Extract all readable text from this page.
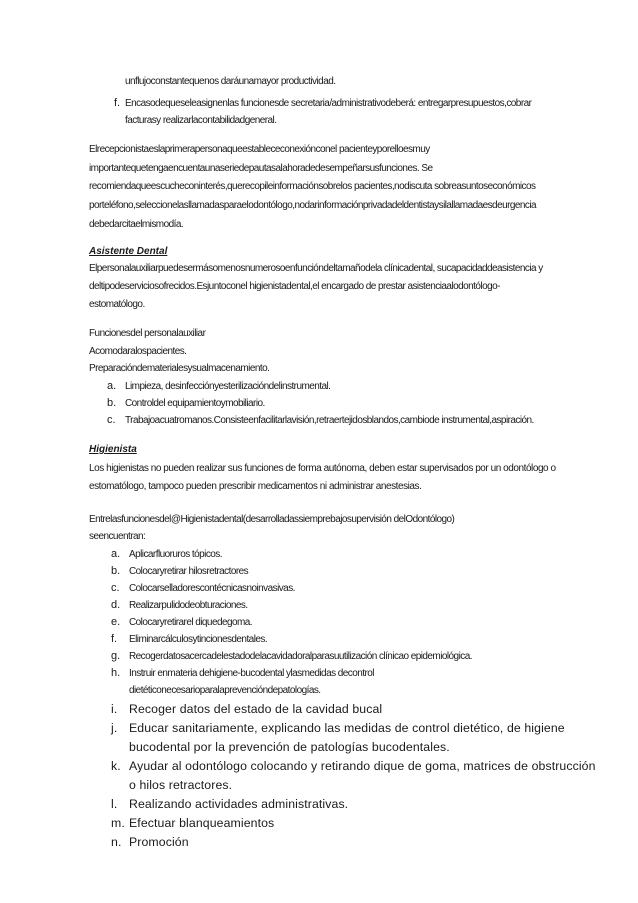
unflujoconstantequenos daráunamayor productividad.
f. Encasodequeseleasignenlas funcionesde secretaria/administrativodeberá: entregarpresupuestos,cobrar
facturasy realizarlacontabilidadgeneral.
Elrecepcionistaeslaprimerapersonaqueestablececonexiónconel pacienteyporelloesmuy
importantequetengaencuentaunaseriedepautasalahoradedesempeñarsusfunciones. Se
recomiendaqueescucheconinterés,querecopileinformaciónsobrelos pacientes,nodiscuta sobreasuntoseconómicos
porteléfono,seleccionelasllamadasparaelodontólogo,nodarinformaciónprivadadeldentistaysilallamadaesdeurgencia
debedarcitaelmismodía.
Asistente Dental
Elpersonalauxiliarpuedesermásomenosnumerosoenfuncióndeltamañodela clínicadental, sucapacidaddeasistencia y
deltipodeserviciosofrecidos.Esjuntoconel higienistadental,el encargado de prestar asistenciaalodontólogo-
estomatólogo.
Funcionesdel personalauxiliar
Acomodaralospacientes.
Preparacióndematerialesysualmacenamiento.
a. Limpieza, desinfecciónyesterilizacióndelinstrumental.
b. Controldel equipamientoymobiliario.
c. Trabajoacuatromanos.Consisteenfacilitarlavisión,retraertejidosblandos,cambiode instrumental,aspiración.
Higienista
Los higienistas no pueden realizar sus funciones de forma autónoma, deben estar supervisados por un odontólogo o
estomatólogo, tampoco pueden prescribir medicamentos ni administrar anestesias.
Entrelasfuncionesdel@Higienistadental(desarrolladassiemprebajosupervisión delOdontólogo)
seencuentran:
a. Aplicarfluoruros tópicos.
b. Colocaryretirar hilosretractores
c. Colocarselladorescontécnicasnoinvasivas.
d. Realizarpulidodeobturaciones.
e. Colocaryretirarel diquedegoma.
f. Eliminarcálculosytincionesdentales.
g. Recogerdatosacercadelestadodelacavidadoralparasuutilización clínicao epidemiológica.
h. Instruir enmateria dehigiene-bucodental ylasmedidas decontrol
dietéticonecesarioparalaprevencióndepatologías.
i. Recoger datos del estado de la cavidad bucal
j. Educar sanitariamente, explicando las medidas de control dietético, de higiene
bucodental por la prevención de patologías bucodentales.
k. Ayudar al odontólogo colocando y retirando dique de goma, matrices de obstrucción
o hilos retractores.
l. Realizando actividades administrativas.
m. Efectuar blanqueamientos
n. Promoción
